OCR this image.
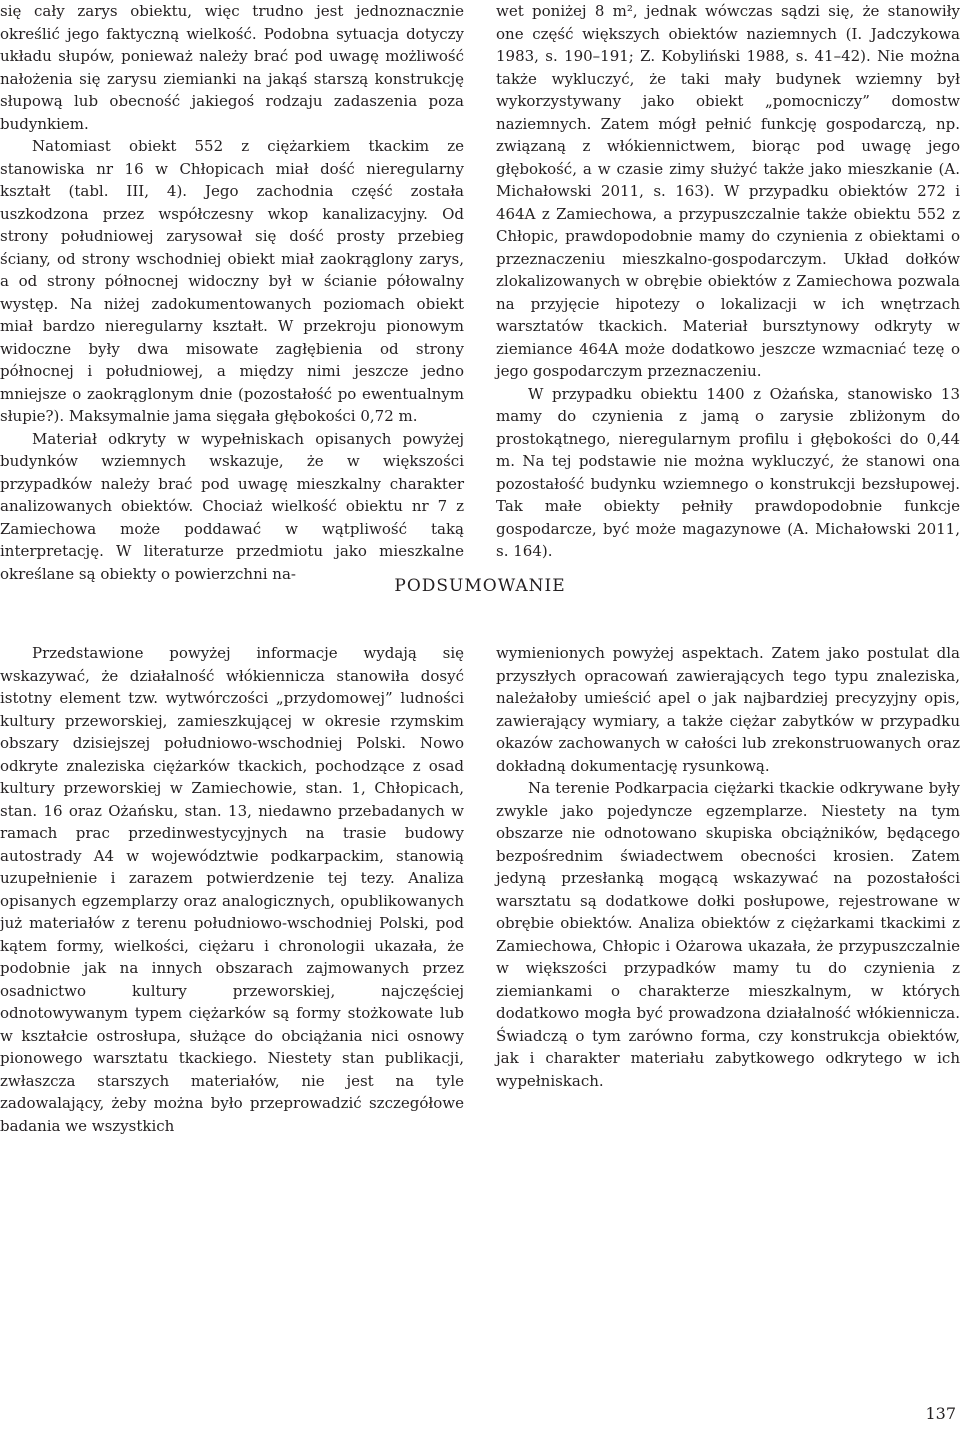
się cały zarys obiektu, więc trudno jest jednoznacznie określić jego faktyczną wielkość. Podobna sytuacja dotyczy układu słupów, ponieważ należy brać pod uwagę możliwość nałożenia się zarysu ziemianki na jakąś starszą konstrukcję słupową lub obecność jakiegoś rodzaju zadaszenia poza budynkiem.

Natomiast obiekt 552 z ciężarkiem tkackim ze stanowiska nr 16 w Chłopicach miał dość nieregularny kształt (tabl. III, 4). Jego zachodnia część została uszkodzona przez współczesny wkop kanalizacyjny. Od strony południowej zarysował się dość prosty przebieg ściany, od strony wschodniej obiekt miał zaokrąglony zarys, a od strony północnej widoczny był w ścianie półowalny występ. Na niżej zadokumentowanych poziomach obiekt miał bardzo nieregularny kształt. W przekroju pionowym widoczne były dwa misowate zagłębienia od strony północnej i południowej, a między nimi jeszcze jedno mniejsze o zaokrąglonym dnie (pozostałość po ewentualnym słupie?). Maksymalnie jama sięgała głębokości 0,72 m.

Materiał odkryty w wypełniskach opisanych powyżej budynków wziemnych wskazuje, że w większości przypadków należy brać pod uwagę mieszkalny charakter analizowanych obiektów. Chociaż wielkość obiektu nr 7 z Zamiechowa może poddawać w wątpliwość taką interpretację. W literaturze przedmiotu jako mieszkalne określane są obiekty o powierzchni na-

wet poniżej 8 m², jednak wówczas sądzi się, że stanowiły one część większych obiektów naziemnych (I. Jadczykowa 1983, s. 190–191; Z. Kobyliński 1988, s. 41–42). Nie można także wykluczyć, że taki mały budynek wziemny był wykorzystywany jako obiekt „pomocniczy” domostw naziemnych. Zatem mógł pełnić funkcję gospodarczą, np. związaną z włókiennictwem, biorąc pod uwagę jego głębokość, a w czasie zimy służyć także jako mieszkanie (A. Michałowski 2011, s. 163). W przypadku obiektów 272 i 464A z Zamiechowa, a przypuszczalnie także obiektu 552 z Chłopic, prawdopodobnie mamy do czynienia z obiektami o przeznaczeniu mieszkalno-gospodarczym. Układ dołków zlokalizowanych w obrębie obiektów z Zamiechowa pozwala na przyjęcie hipotezy o lokalizacji w ich wnętrzach warsztatów tkackich. Materiał bursztynowy odkryty w ziemiance 464A może dodatkowo jeszcze wzmacniać tezę o jego gospodarczym przeznaczeniu.

W przypadku obiektu 1400 z Ożańska, stanowisko 13 mamy do czynienia z jamą o zarysie zbliżonym do prostokątnego, nieregularnym profilu i głębokości do 0,44 m. Na tej podstawie nie można wykluczyć, że stanowi ona pozostałość budynku wziemnego o konstrukcji bezsłupowej. Tak małe obiekty pełniły prawdopodobnie funkcje gospodarcze, być może magazynowe (A. Michałowski 2011, s. 164).

PODSUMOWANIE

Przedstawione powyżej informacje wydają się wskazywać, że działalność włókiennicza stanowiła dosyć istotny element tzw. wytwórczości „przydomowej” ludności kultury przeworskiej, zamieszkującej w okresie rzymskim obszary dzisiejszej południowo-wschodniej Polski. Nowo odkryte znaleziska ciężarków tkackich, pochodzące z osad kultury przeworskiej w Zamiechowie, stan. 1, Chłopicach, stan. 16 oraz Ożańsku, stan. 13, niedawno przebadanych w ramach prac przedinwestycyjnych na trasie budowy autostrady A4 w województwie podkarpackim, stanowią uzupełnienie i zarazem potwierdzenie tej tezy. Analiza opisanych egzemplarzy oraz analogicznych, opublikowanych już materiałów z terenu południowo-wschodniej Polski, pod kątem formy, wielkości, ciężaru i chronologii ukazała, że podobnie jak na innych obszarach zajmowanych przez osadnictwo kultury przeworskiej, najczęściej odnotowywanym typem ciężarków są formy stożkowate lub w kształcie ostrosłupa, służące do obciążania nici osnowy pionowego warsztatu tkackiego. Niestety stan publikacji, zwłaszcza starszych materiałów, nie jest na tyle zadowalający, żeby można było przeprowadzić szczegółowe badania we wszystkich

wymienionych powyżej aspektach. Zatem jako postulat dla przyszłych opracowań zawierających tego typu znaleziska, należałoby umieścić apel o jak najbardziej precyzyjny opis, zawierający wymiary, a także ciężar zabytków w przypadku okazów zachowanych w całości lub zrekonstruowanych oraz dokładną dokumentację rysunkową.

Na terenie Podkarpacia ciężarki tkackie odkrywane były zwykle jako pojedyncze egzemplarze. Niestety na tym obszarze nie odnotowano skupiska obciążników, będącego bezpośrednim świadectwem obecności krosien. Zatem jedyną przesłanką mogącą wskazywać na pozostałości warsztatu są dodatkowe dołki posłupowe, rejestrowane w obrębie obiektów. Analiza obiektów z ciężarkami tkackimi z Zamiechowa, Chłopic i Ożarowa ukazała, że przypuszczalnie w większości przypadków mamy tu do czynienia z ziemiankami o charakterze mieszkalnym, w których dodatkowo mogła być prowadzona działalność włókiennicza. Świadczą o tym zarówno forma, czy konstrukcja obiektów, jak i charakter materiału zabytkowego odkrytego w ich wypełniskach.

137
